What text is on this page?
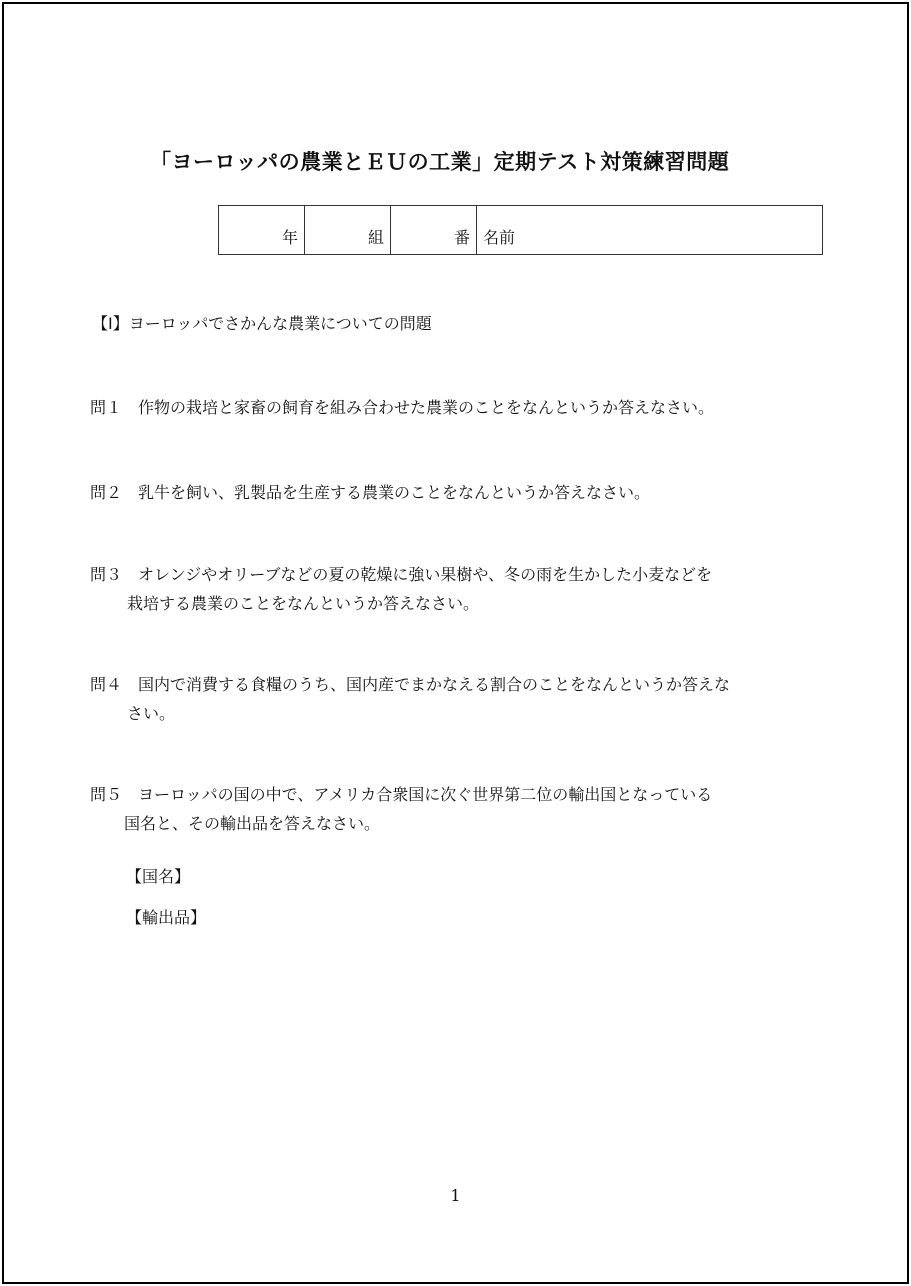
「ヨーロッパの農業とＥＵの工業」定期テスト対策練習問題
年	組	番	名前
【Ⅰ】ヨーロッパでさかんな農業についての問題
問１　作物の栽培と家畜の飼育を組み合わせた農業のことをなんというか答えなさい。
問２　乳牛を飼い、乳製品を生産する農業のことをなんというか答えなさい。
問３　オレンジやオリーブなどの夏の乾燥に強い果樹や、冬の雨を生かした小麦などを
栽培する農業のことをなんというか答えなさい。
問４　国内で消費する食糧のうち、国内産でまかなえる割合のことをなんというか答えな
さい。
問５　ヨーロッパの国の中で、アメリカ合衆国に次ぐ世界第二位の輸出国となっている
国名と、その輸出品を答えなさい。
【国名】
【輸出品】
1
